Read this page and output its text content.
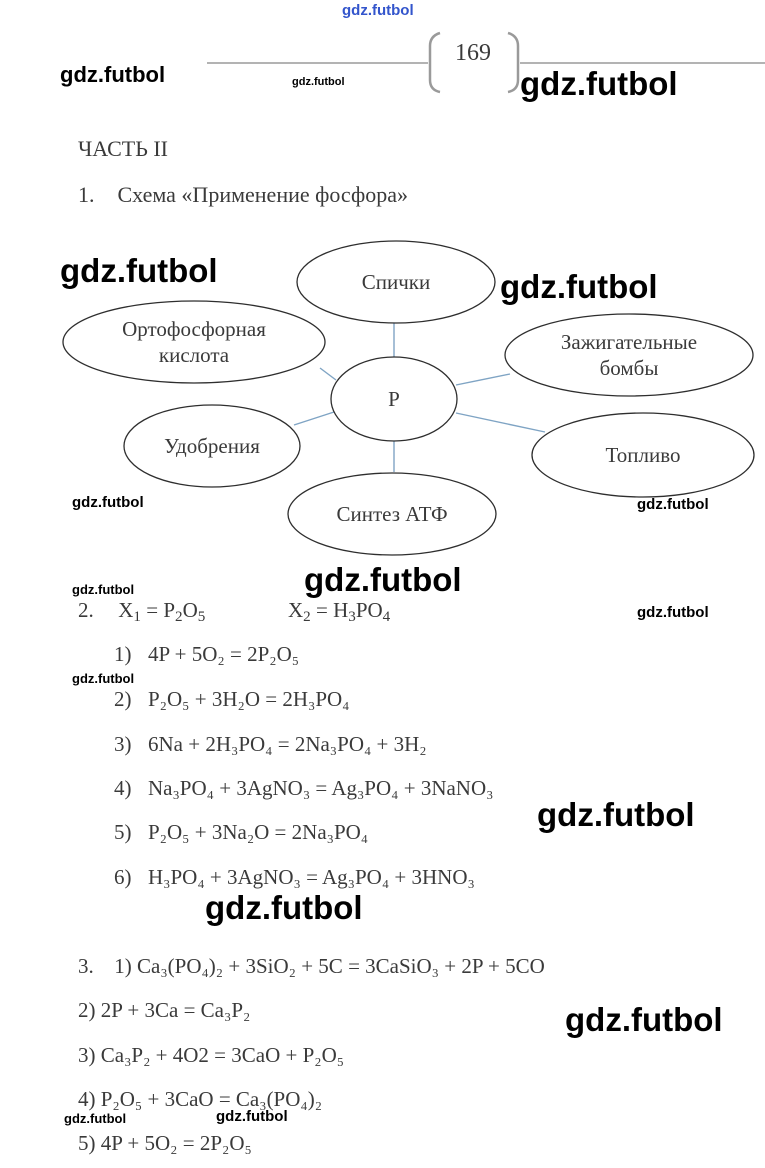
gdz.futbol
169
gdz.futbol	gdz.futbol	gdz.futbol
ЧАСТЬ II
1. Схема «Применение фосфора»
P
Спички
Ортофосфорная
кислота
Зажигательные
бомбы
Удобрения	Топливо
Синтез АТФ
gdz.futbol	gdz.futbol
gdz.futbol	gdz.futbol
gdz.futbol
gdz.futbol
gdz.futbol
gdz.futbol
2. $X_1 = P_2O_5$	$X_2 = H_3PO_4$
1) 4P + 5O₂ = 2P₂O₅
2) P₂O₅ + 3H₂O = 2H₃PO₄
3) 6Na + 2H₃PO₄ = 2Na₃PO₄ + 3H₂
4) Na₃PO₄ + 3AgNO₃ = Ag₃PO₄ + 3NaNO₃
5) P₂O₅ + 3Na₂O = 2Na₃PO₄
6) H₃PO₄ + 3AgNO₃ = Ag₃PO₄ + 3HNO₃
gdz.futbol
gdz.futbol
3. 1) Ca₃(PO₄)₂ + 3SiO₂ + 5C = 3CaSiO₃ + 2P + 5CO
2) 2P + 3Ca = Ca₃P₂
3) Ca₃P₂ + 4O2 = 3CaO + P₂O₅
4) P₂O₅ + 3CaO = Ca₃(PO₄)₂
5) 4P + 5O₂ = 2P₂O₅
gdz.futbol
gdz.futbol	gdz.futbol
